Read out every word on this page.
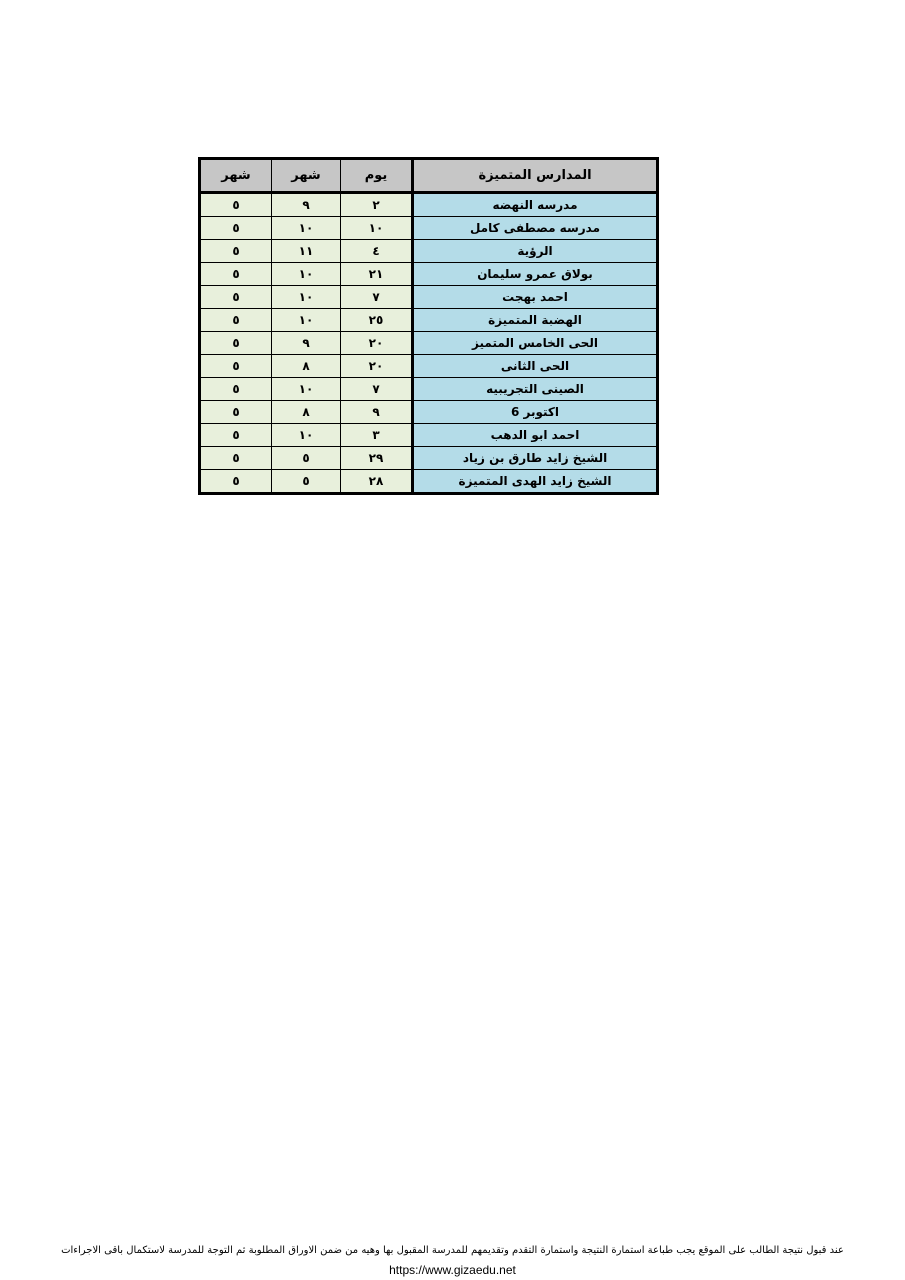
المدارس المتميزة	يوم	شهر	شهر
مدرسه النهضه	٢	٩	٥
مدرسه مصطفى كامل	١٠	١٠	٥
الرؤية	٤	١١	٥
بولاق عمرو سليمان	٢١	١٠	٥
احمد بهجت	٧	١٠	٥
الهضبة المتميزة	٢٥	١٠	٥
الحى الخامس المتميز	٢٠	٩	٥
الحى الثانى	٢٠	٨	٥
الصينى التجريبيه	٧	١٠	٥
اكتوبر 6	٩	٨	٥
احمد ابو الدهب	٣	١٠	٥
الشيخ زايد طارق بن زياد	٢٩	٥	٥
الشيخ زايد الهدى المتميزة	٢٨	٥	٥
عند قبول نتيجة الطالب على الموقع يجب طباعة استمارة النتيجة واستمارة التقدم وتقديمهم للمدرسة المقبول بها وهيه من ضمن الاوراق المطلوبة ثم التوجة للمدرسة لاستكمال باقى الاجراءات
https://www.gizaedu.net
